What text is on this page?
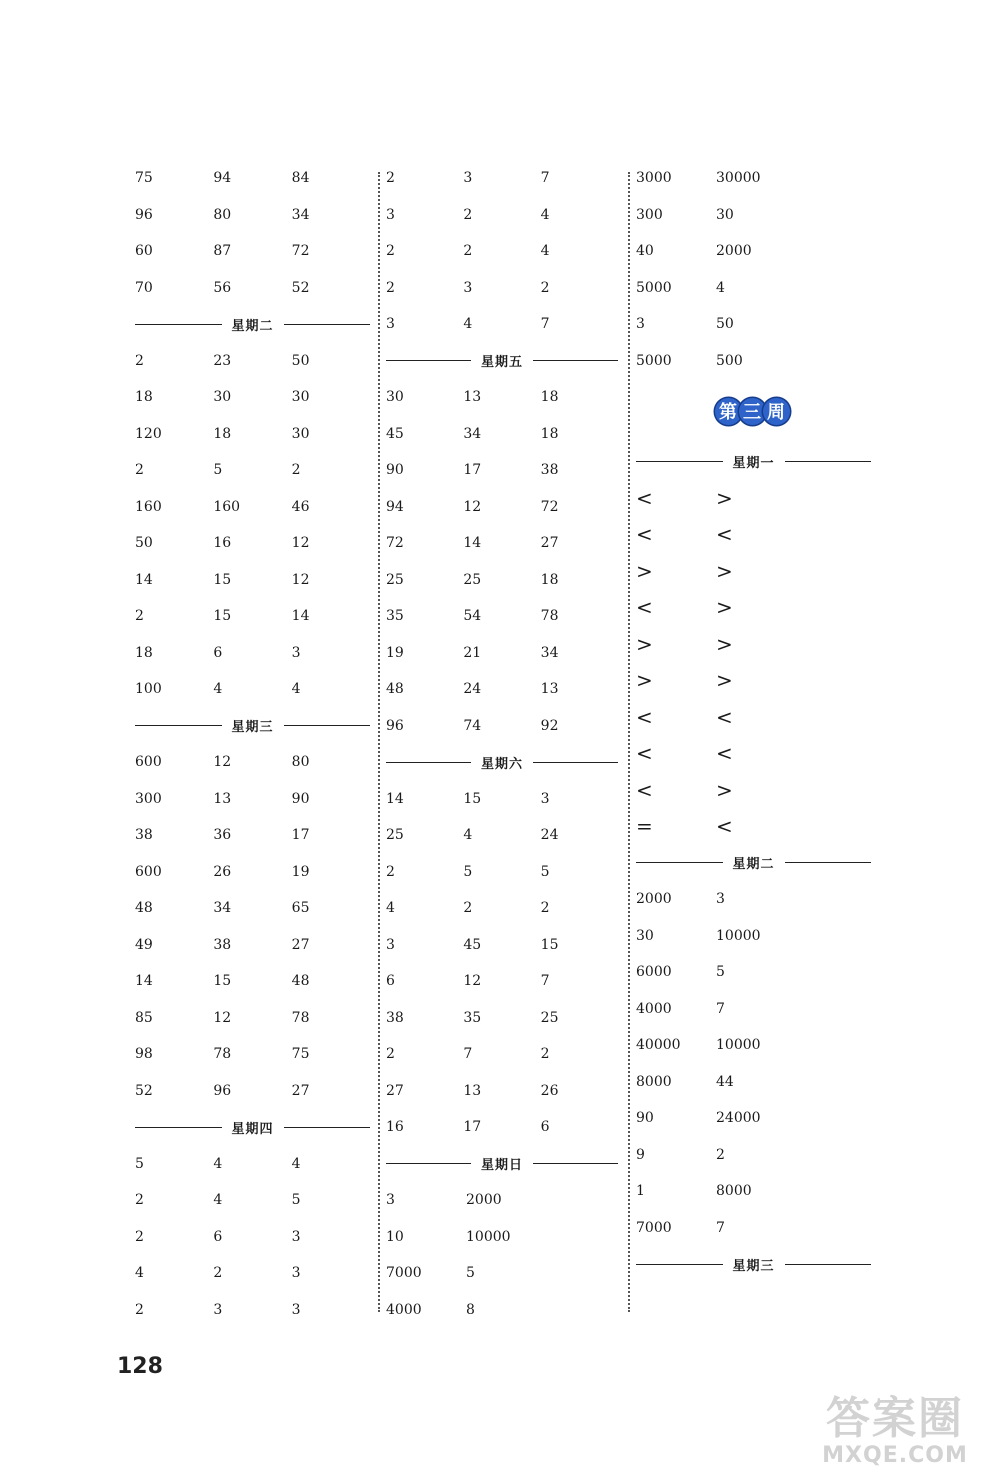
75	94	84
96	80	34
60	87	72
70	56	52
星期二
2	23	50
18	30	30
120	18	30
2	5	2
160	160	46
50	16	12
14	15	12
2	15	14
18	6	3
100	4	4
星期三
600	12	80
300	13	90
38	36	17
600	26	19
48	34	65
49	38	27
14	15	48
85	12	78
98	78	75
52	96	27
星期四
5	4	4
2	4	5
2	6	3
4	2	3
2	3	3
2	3	7
3	2	4
2	2	4
2	3	2
3	4	7
星期五
30	13	18
45	34	18
90	17	38
94	12	72
72	14	27
25	25	18
35	54	78
19	21	34
48	24	13
96	74	92
星期六
14	15	3
25	4	24
2	5	5
4	2	2
3	45	15
6	12	7
38	35	25
2	7	2
27	13	26
16	17	6
星期日
3	2000
10	10000
7000	5
4000	8
3000	30000
300	30
40	2000
5000	4
3	50
5000	500
第 三 周
星期一
<	>
<	<
>	>
<	>
>	>
>	>
<	<
<	<
<	>
=	<
星期二
2000	3
30	10000
6000	5
4000	7
40000	10000
8000	44
90	24000
9	2
1	8000
7000	7
星期三
128
答案圈
MXQE.COM
